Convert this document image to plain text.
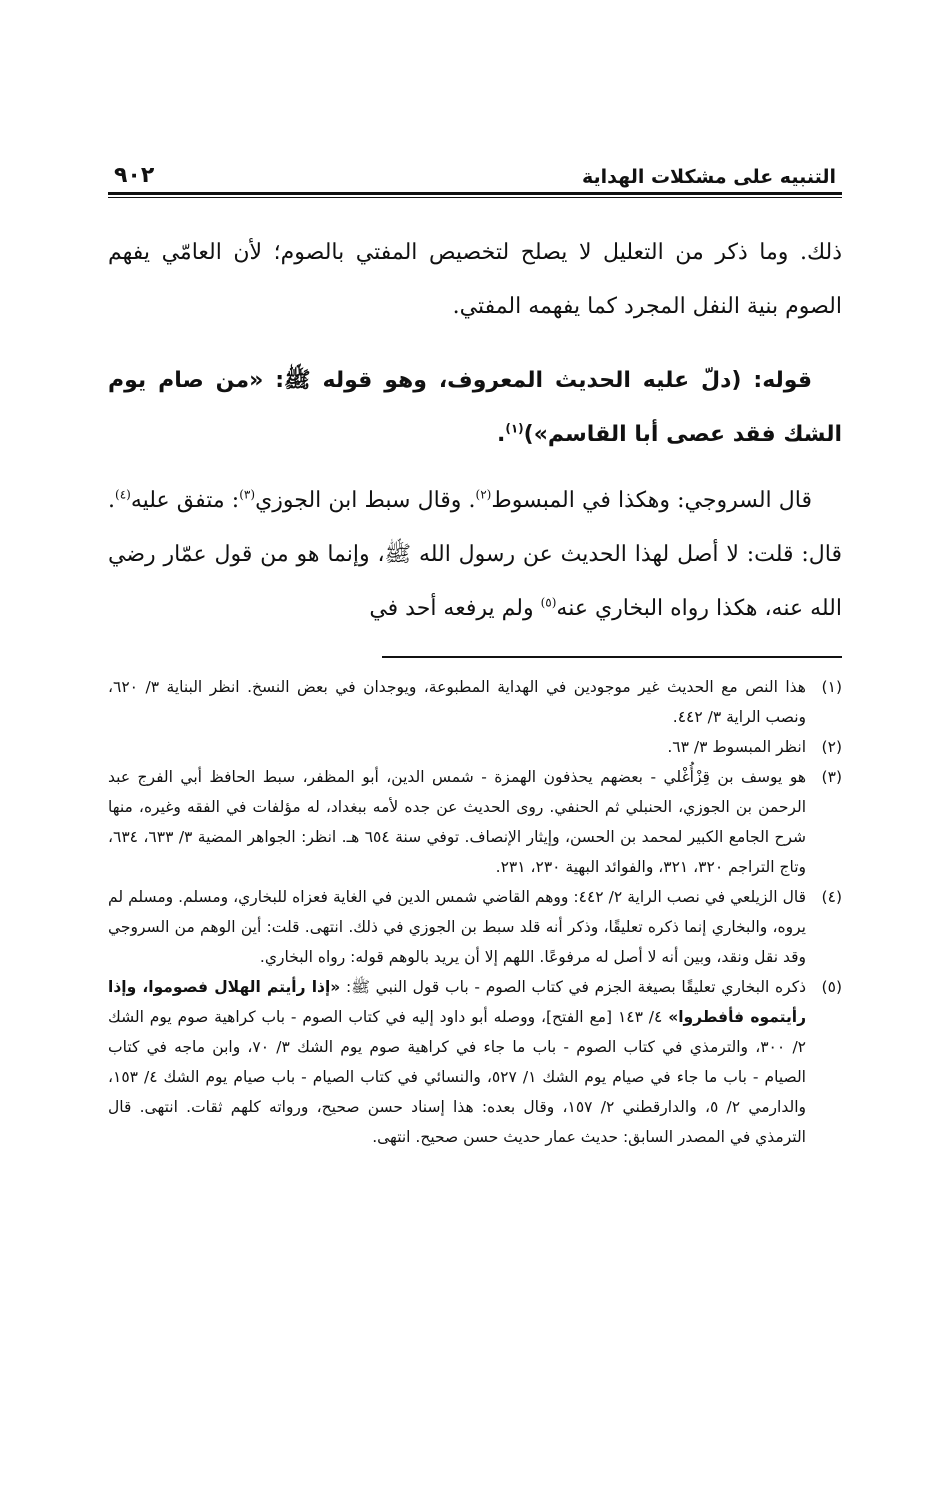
التنبيه على مشكلات الهداية
٩٠٢

ذلك. وما ذكر من التعليل لا يصلح لتخصيص المفتي بالصوم؛ لأن العامّي يفهم الصوم بنية النفل المجرد كما يفهمه المفتي.

قوله: (دلّ عليه الحديث المعروف، وهو قوله ﷺ: «من صام يوم الشك فقد عصى أبا القاسم»)$^{(١)}$.

قال السروجي: وهكذا في المبسوط$^{(٢)}$. وقال سبط ابن الجوزي$^{(٣)}$: متفق عليه$^{(٤)}$. قال: قلت: لا أصل لهذا الحديث عن رسول الله ﷺ، وإنما هو من قول عمّار رضي الله عنه، هكذا رواه البخاري عنه$^{(٥)}$ ولم يرفعه أحد في

(١)
هذا النص مع الحديث غير موجودين في الهداية المطبوعة، ويوجدان في بعض النسخ. انظر البناية ٣/ ٦٢٠، ونصب الراية ٣/ ٤٤٢.

(٢)
انظر المبسوط ٣/ ٦٣.

(٣)
هو يوسف بن قِزْأُغْلي - بعضهم يحذفون الهمزة - شمس الدين، أبو المظفر، سبط الحافظ أبي الفرج عبد الرحمن بن الجوزي، الحنبلي ثم الحنفي. روى الحديث عن جده لأمه ببغداد، له مؤلفات في الفقه وغيره، منها شرح الجامع الكبير لمحمد بن الحسن، وإيثار الإنصاف. توفي سنة ٦٥٤ هـ. انظر: الجواهر المضية ٣/ ٦٣٣، ٦٣٤، وتاج التراجم ٣٢٠، ٣٢١، والفوائد البهية ٢٣٠، ٢٣١.

(٤)
قال الزيلعي في نصب الراية ٢/ ٤٤٢: ووهم القاضي شمس الدين في الغاية فعزاه للبخاري، ومسلم. ومسلم لم يروه، والبخاري إنما ذكره تعليقًا، وذكر أنه قلد سبط بن الجوزي في ذلك. انتهى. قلت: أين الوهم من السروجي وقد نقل ونقد، وبين أنه لا أصل له مرفوعًا. اللهم إلا أن يريد بالوهم قوله: رواه البخاري.

(٥)
ذكره البخاري تعليقًا بصيغة الجزم في كتاب الصوم - باب قول النبي ﷺ: «إذا رأيتم الهلال فصوموا، وإذا رأيتموه فأفطروا» ٤/ ١٤٣ [مع الفتح]، ووصله أبو داود إليه في كتاب الصوم - باب كراهية صوم يوم الشك ٢/ ٣٠٠، والترمذي في كتاب الصوم - باب ما جاء في كراهية صوم يوم الشك ٣/ ٧٠، وابن ماجه في كتاب الصيام - باب ما جاء في صيام يوم الشك ١/ ٥٢٧، والنسائي في كتاب الصيام - باب صيام يوم الشك ٤/ ١٥٣، والدارمي ٢/ ٥، والدارقطني ٢/ ١٥٧، وقال بعده: هذا إسناد حسن صحيح، ورواته كلهم ثقات. انتهى. قال الترمذي في المصدر السابق: حديث عمار حديث حسن صحيح. انتهى.
